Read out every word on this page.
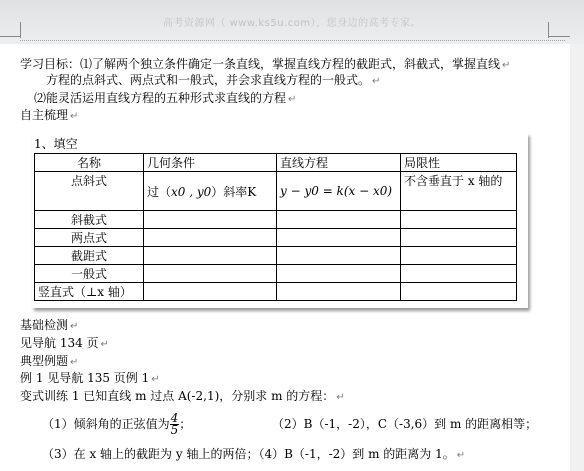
高考资源网（ www.ks5u.com），您身边的高考专家。
学习目标：⑴了解两个独立条件确定一条直线，掌握直线方程的截距式，斜截式，掌握直线 ↵
方程的点斜式、两点式和一般式，并会求直线方程的一般式。 ↵
⑵能灵活运用直线方程的五种形式求直线的方程 ↵
自主梳理 ↵
1、填空
名称	几何条件	直线方程	局限性
点斜式	过（x0 , y0）斜率K	y − y0 = k(x − x0)	不含垂直于 x 轴的
斜截式			
两点式			
截距式			
一般式			
竖直式（⊥x 轴）			
基础检测 ↵
见导航 134 页 ↵
典型例题 ↵
例 1 见导航 135 页例 1 ↵
变式训练 1 已知直线 m 过点 A(-2,1)，分别求 m 的方程： ↵
（1）倾斜角的正弦值为 $\frac{4}{5}$ ；	（2）B（-1，-2），C（-3,6）到 m 的距离相等；
（3）在 x 轴上的截距为 y 轴上的两倍；（4）B（-1，-2）到 m 的距离为 1。 ↵
